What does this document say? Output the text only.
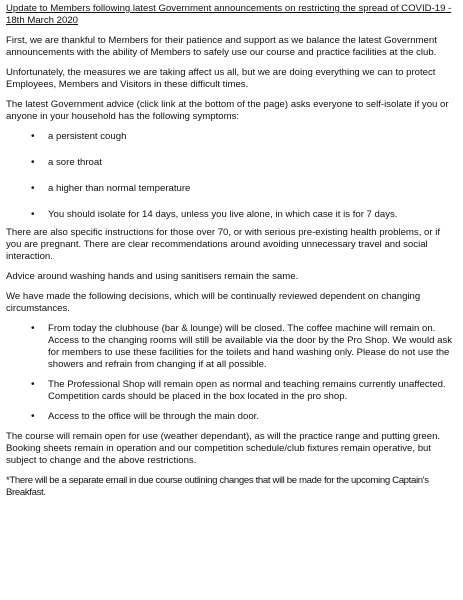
Update to Members following latest Government announcements on restricting the spread of COVID-19 - 18th March 2020

First, we are thankful to Members for their patience and support as we balance the latest Government announcements with the ability of Members to safely use our course and practice facilities at the club.

Unfortunately, the measures we are taking affect us all, but we are doing everything we can to protect Employees, Members and Visitors in these difficult times.

The latest Government advice (click link at the bottom of the page) asks everyone to self-isolate if you or anyone in your household has the following symptoms:

• a persistent cough
• a sore throat
• a higher than normal temperature
• You should isolate for 14 days, unless you live alone, in which case it is for 7 days.

There are also specific instructions for those over 70, or with serious pre-existing health problems, or if you are pregnant. There are clear recommendations around avoiding unnecessary travel and social interaction.

Advice around washing hands and using sanitisers remain the same.

We have made the following decisions, which will be continually reviewed dependent on changing circumstances.

• From today the clubhouse (bar & lounge) will be closed. The coffee machine will remain on. Access to the changing rooms will still be available via the door by the Pro Shop. We would ask for members to use these facilities for the toilets and hand washing only. Please do not use the showers and refrain from changing if at all possible.
• The Professional Shop will remain open as normal and teaching remains currently unaffected. Competition cards should be placed in the box located in the pro shop.
• Access to the office will be through the main door.

The course will remain open for use (weather dependant), as will the practice range and putting green. Booking sheets remain in operation and our competition schedule/club fixtures remain operative, but subject to change and the above restrictions.

*There will be a separate email in due course outlining changes that will be made for the upcoming Captain's Breakfast.
